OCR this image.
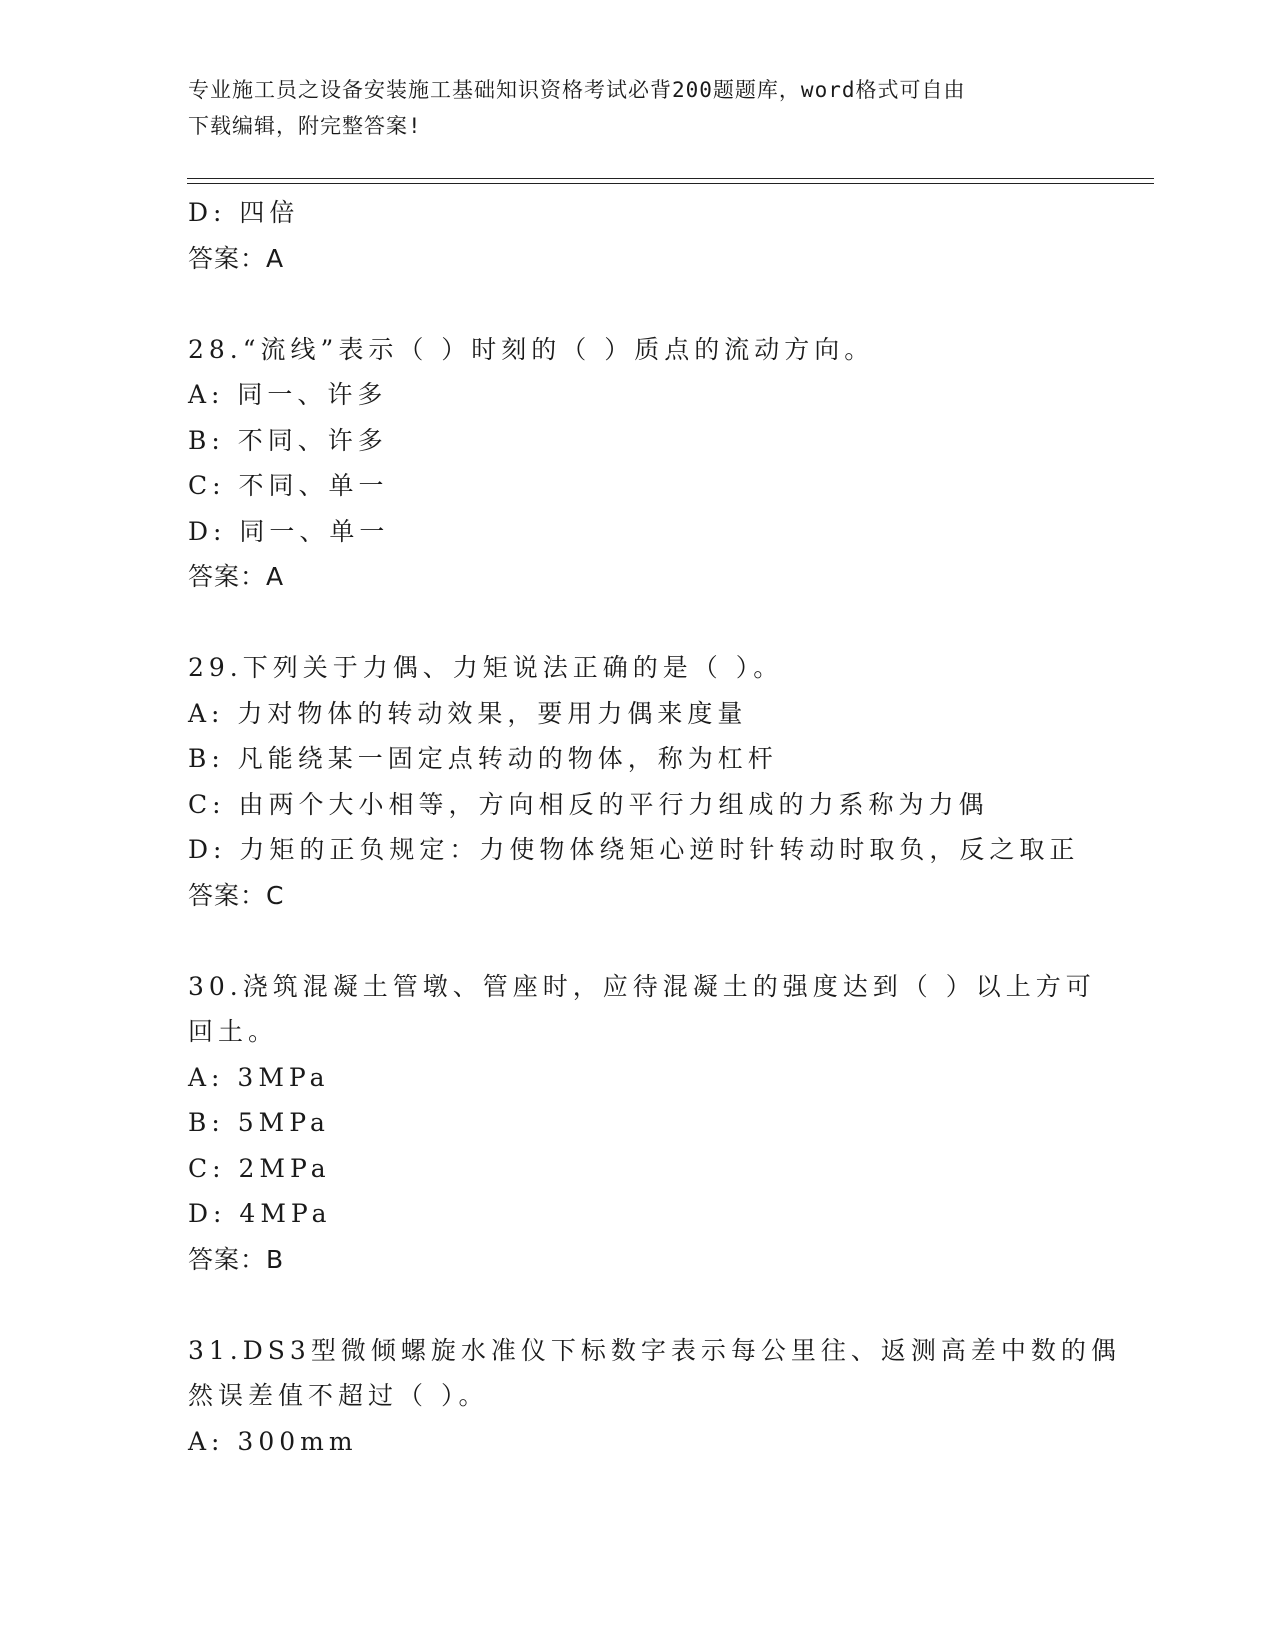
专业施工员之设备安装施工基础知识资格考试必背200题题库，word格式可自由
下载编辑，附完整答案!
D: 四倍
答案：A
28.“流线”表示（ ）时刻的（ ）质点的流动方向。
A: 同一、许多
B: 不同、许多
C: 不同、单一
D: 同一、单一
答案：A
29.下列关于力偶、力矩说法正确的是（ ）。
A: 力对物体的转动效果，要用力偶来度量
B: 凡能绕某一固定点转动的物体，称为杠杆
C: 由两个大小相等，方向相反的平行力组成的力系称为力偶
D: 力矩的正负规定：力使物体绕矩心逆时针转动时取负，反之取正
答案：C
30.浇筑混凝土管墩、管座时，应待混凝土的强度达到（ ）以上方可
回土。
A: 3MPa
B: 5MPa
C: 2MPa
D: 4MPa
答案：B
31.DS3型微倾螺旋水准仪下标数字表示每公里往、返测高差中数的偶
然误差值不超过（ ）。
A: 300mm
